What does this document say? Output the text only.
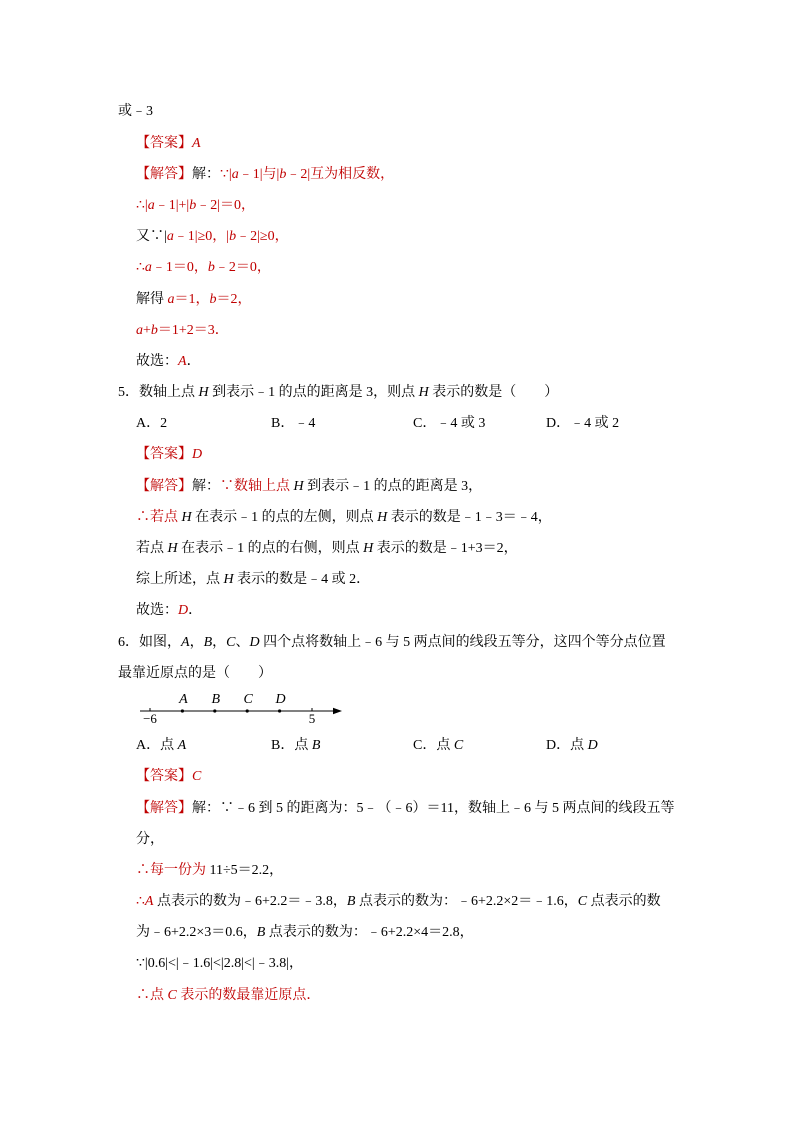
或﹣3
【答案】 A
【解答】 解： ∵| a ﹣1|与| b ﹣2|互为相反数，
∴| a ﹣1|+| b ﹣2|＝0，
又∵| a ﹣1|≥0，| b ﹣2|≥0，
∴ a ﹣1＝0， b ﹣2＝0，
解得 a ＝1， b ＝2，
a + b ＝1+2＝3．
故选： A ．
5．数轴上点 H 到表示﹣1 的点的距离是 3，则点 H 表示的数是（　　）
A．2	B．﹣4	C．﹣4 或 3	D．﹣4 或 2
【答案】 D
【解答】 解： ∵数轴上点 H 到表示﹣1 的点的距离是 3，
∴若点 H 在表示﹣1 的点的左侧，则点 H 表示的数是﹣1﹣3＝﹣4，
若点 H 在表示﹣1 的点的右侧，则点 H 表示的数是﹣1+3＝2，
综上所述，点 H 表示的数是﹣4 或 2．
故选： D ．
6．如图， A ， B ， C 、 D 四个点将数轴上﹣6 与 5 两点间的线段五等分，这四个等分点位置
最靠近原点的是（　　）
−6	5
A B C D
A．点 A	B．点 B	C．点 C	D．点 D
【答案】 C
【解答】 解： ∵﹣6 到 5 的距离为：5﹣（﹣6）＝11，数轴上﹣6 与 5 两点间的线段五等
分，
∴每一份为 11÷5＝2.2，
∴ A 点表示的数为﹣6+2.2＝﹣3.8， B 点表示的数为：﹣6+2.2×2＝﹣1.6， C 点表示的数
为﹣6+2.2×3＝0.6， B 点表示的数为：﹣6+2.2×4＝2.8，
∵|0.6|<|﹣1.6|<|2.8|<|﹣3.8|，
∴点 C 表示的数最靠近原点．
